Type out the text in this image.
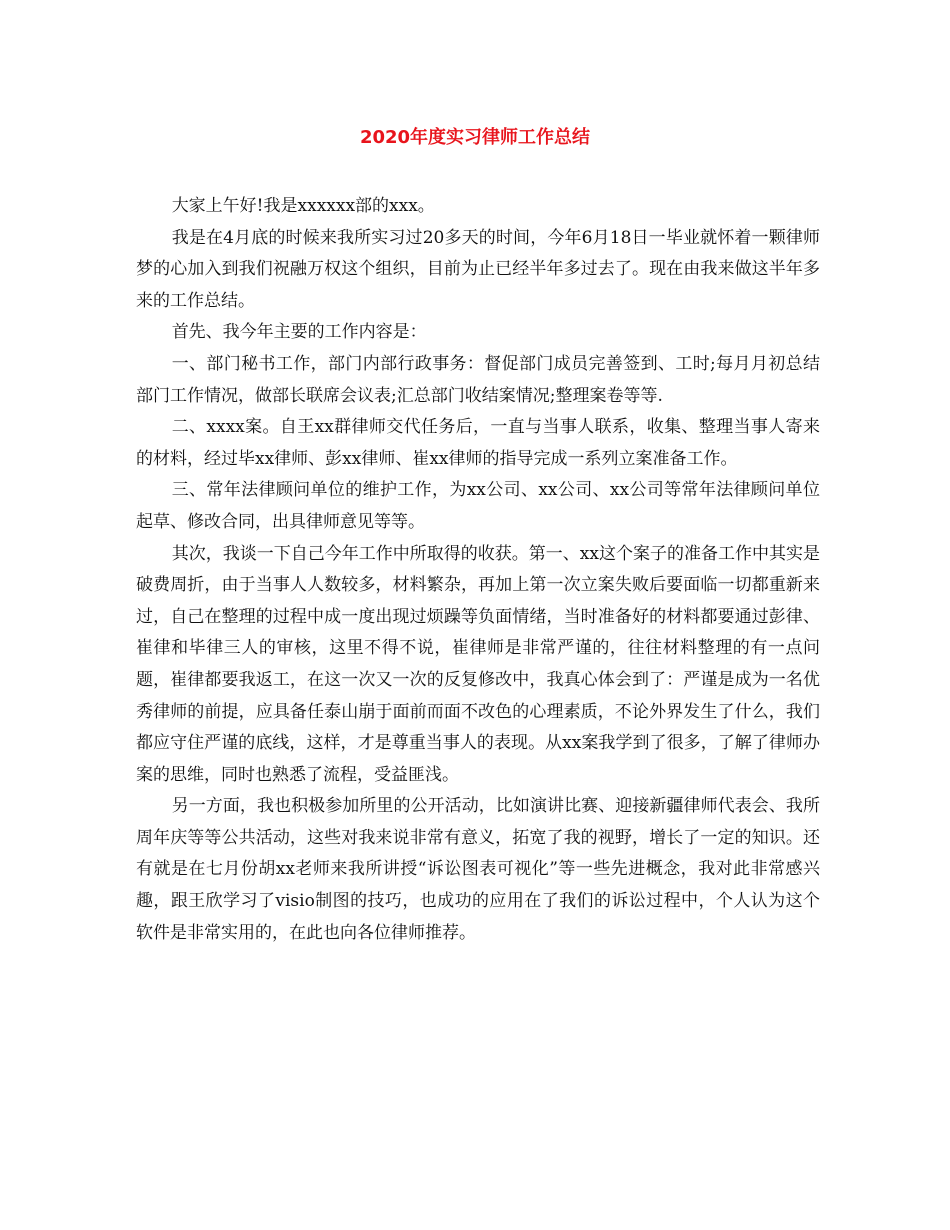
2020年度实习律师工作总结

大家上午好!我是xxxxxx部的xxx。

我是在4月底的时候来我所实习过20多天的时间，今年6月18日一毕业就怀着一颗律师梦的心加入到我们祝融万权这个组织，目前为止已经半年多过去了。现在由我来做这半年多来的工作总结。

首先、我今年主要的工作内容是：

一、部门秘书工作，部门内部行政事务：督促部门成员完善签到、工时;每月月初总结部门工作情况，做部长联席会议表;汇总部门收结案情况;整理案卷等等.

二、xxxx案。自王xx群律师交代任务后，一直与当事人联系，收集、整理当事人寄来的材料，经过毕xx律师、彭xx律师、崔xx律师的指导完成一系列立案准备工作。

三、常年法律顾问单位的维护工作，为xx公司、xx公司、xx公司等常年法律顾问单位起草、修改合同，出具律师意见等等。

其次，我谈一下自己今年工作中所取得的收获。第一、xx这个案子的准备工作中其实是破费周折，由于当事人人数较多，材料繁杂，再加上第一次立案失败后要面临一切都重新来过，自己在整理的过程中成一度出现过烦躁等负面情绪，当时准备好的材料都要通过彭律、崔律和毕律三人的审核，这里不得不说，崔律师是非常严谨的，往往材料整理的有一点问题，崔律都要我返工，在这一次又一次的反复修改中，我真心体会到了：严谨是成为一名优秀律师的前提，应具备任泰山崩于面前而面不改色的心理素质，不论外界发生了什么，我们都应守住严谨的底线，这样，才是尊重当事人的表现。从xx案我学到了很多，了解了律师办案的思维，同时也熟悉了流程，受益匪浅。

另一方面，我也积极参加所里的公开活动，比如演讲比赛、迎接新疆律师代表会、我所周年庆等等公共活动，这些对我来说非常有意义，拓宽了我的视野，增长了一定的知识。还有就是在七月份胡xx老师来我所讲授“诉讼图表可视化”等一些先进概念，我对此非常感兴趣，跟王欣学习了visio制图的技巧，也成功的应用在了我们的诉讼过程中，个人认为这个软件是非常实用的，在此也向各位律师推荐。
